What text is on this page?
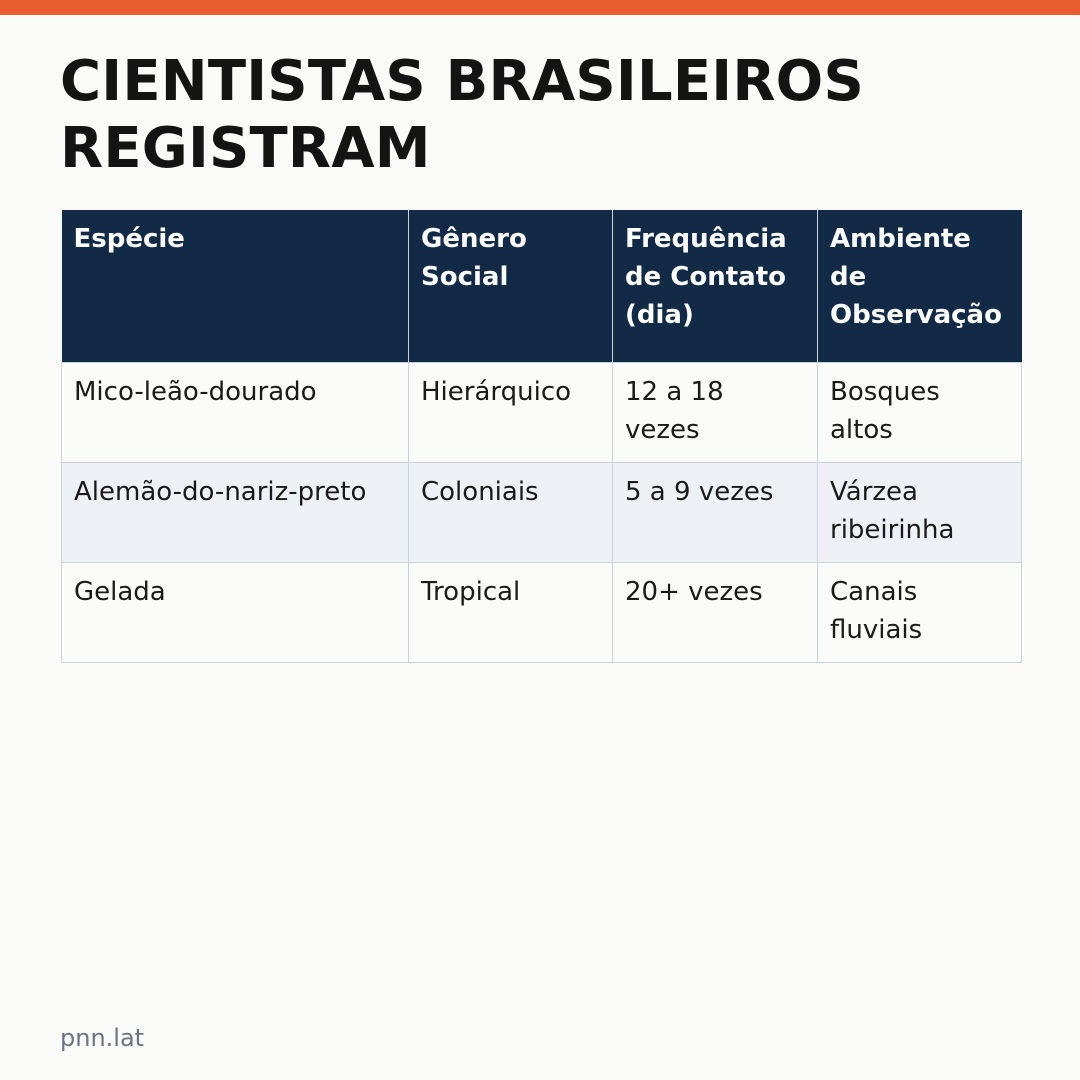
CIENTISTAS BRASILEIROS REGISTRAM
Espécie	Gênero Social	Frequência de Contato (dia)	Ambiente de Observação
Mico-leão-dourado	Hierárquico	12 a 18 vezes	Bosques altos
Alemão-do-nariz-preto	Coloniais	5 a 9 vezes	Várzea ribeirinha
Gelada	Tropical	20+ vezes	Canais fluviais
pnn.lat
